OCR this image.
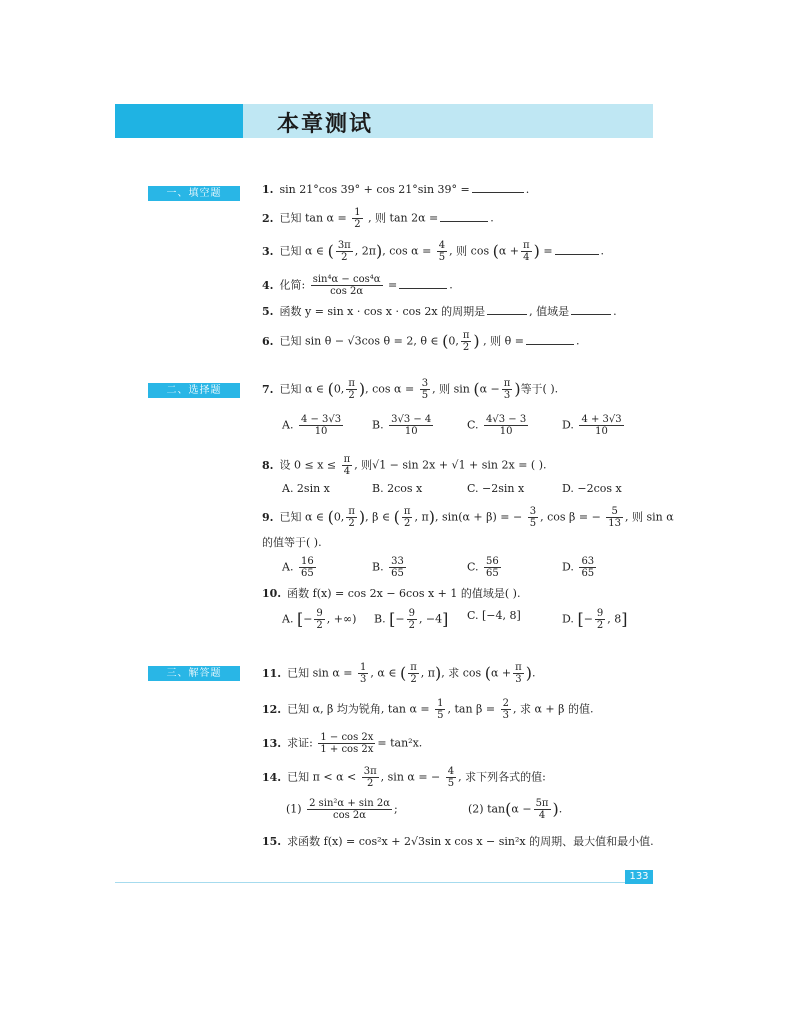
本章测试
一、填空题	1. sin 21°cos 39° + cos 21°sin 39° =	.
2. 已知 $\tan \alpha = \frac{1}{2}$ , 则 tan 2α =	.
3. 已知 α ∈ ( $\frac{3\pi}{2}$ , 2π), $\cos \alpha = \frac{4}{5}$ , 则 $\cos (\alpha + \frac{\pi}{4}$ ) =	.
4. 化简: $\frac{\text{sin⁴α − cos⁴α}}{\cos 2\alpha}$ =	.
5. 函数 y = sin x · cos x · cos 2x 的周期是	, 值域是	.
6. 已知 sin θ − √3cos θ = 2, θ ∈ (0, $\frac{\pi}{2}$ ) , 则 θ =	.
二、选择题	7. 已知 α ∈ (0, $\frac{\pi}{2}$ ), $\cos \alpha = \frac{3}{5}$ , 则 $\sin (\alpha - \frac{\pi}{3}$ )等于( ).
A. $\frac{4 - 3√3}{10}$	B. $\frac{3√3 - 4}{10}$	C. $\frac{4√3 - 3}{10}$	D. $\frac{4 + 3√3}{10}$
8. 设 $0 \le x \le \frac{\pi}{4}$ , 则√1 − sin 2x + √1 + sin 2x = ( ).
A. 2sin x	B. 2cos x	C. −2sin x	D. −2cos x
9. 已知 α ∈ (0, $\frac{\pi}{2}$ ), β ∈ ( $\frac{\pi}{2}$ , π), sin(α + β) = − $\frac{3}{5}$ , cos β = − $\frac{5}{13}$ , 则 sin α
的值等于( ).
A. $\frac{16}{65}$	B. $\frac{33}{65}$	C. $\frac{56}{65}$	D. $\frac{63}{65}$
10. 函数 f(x) = cos 2x − 6cos x + 1 的值域是( ).
A. [− $\frac{9}{2}$ , +∞) B. [− $\frac{9}{2}$ , −4] C. [−4, 8]	D. [− $\frac{9}{2}$ , 8]
三、解答题	11. 已知 $\sin \alpha = \frac{1}{3}$ , α ∈ ( $\frac{\pi}{2}$ , π), 求 $\cos (\alpha + \frac{\pi}{3}$ ).
12. 已知 α, β 均为锐角, $\tan \alpha = \frac{1}{5}$ , $\tan \beta = \frac{2}{3}$ , 求 α + β 的值.
13. 求证: $\frac{1 - \cos 2x}{1 + \cos 2x} = \tan^2x$.
14. 已知 $\pi < \alpha < \frac{3\pi}{2}$ , sin α = − $\frac{4}{5}$ , 求下列各式的值:
$(1) \frac{\text{2 sin²α + sin 2α}}{\cos 2\alpha}$ ;	(2) $\tan(\alpha - \frac{5\pi}{4}$ ).
15. 求函数 f(x) = cos²x + 2√3sin x cos x − sin²x 的周期、最大值和最小值.
133
